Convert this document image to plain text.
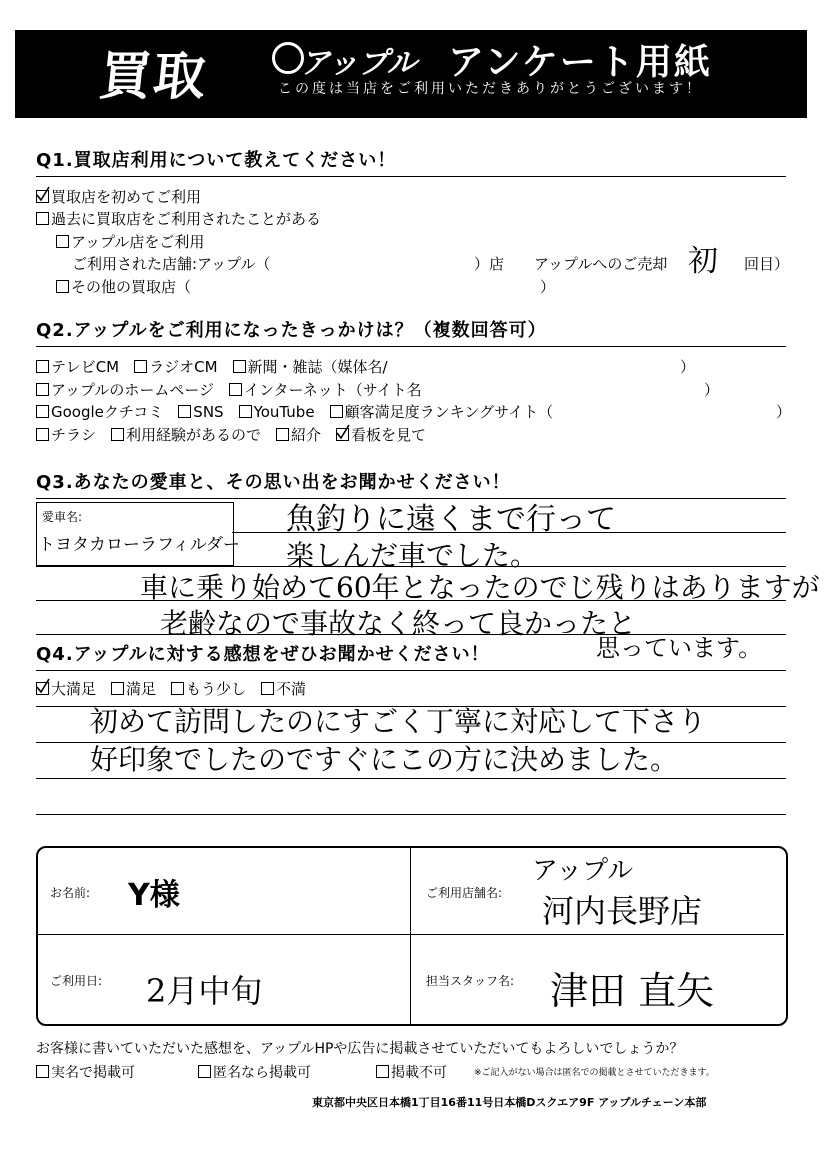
買取	アップル アンケート用紙
この度は当店をご利用いただきありがとうございます！
Q1.買取店利用について教えてください！
買取店を初めてご利用
過去に買取店をご利用されたことがある
アップル店をご利用
ご利用された店舗:アップル（	）店 アップルへのご売却 初 回目）
その他の買取店（	）
Q2.アップルをご利用になったきっかけは？（複数回答可）
テレビCM　ラジオCM　新聞・雑誌（媒体名/	）
アップルのホームページ　インターネット（サイト名	）
Googleクチコミ　SNS　YouTube　顧客満足度ランキングサイト（	）
チラシ　利用経験があるので　紹介　
看板を見て
Q3.あなたの愛車と、その思い出をお聞かせください！
愛車名:
トヨタカローラフィルダー
魚釣りに遠くまで行って
楽しんだ車でした。
車に乗り始めて60年となったのでじ残りはありますが
老齢なので事故なく終って良かったと
Q4.アップルに対する感想をぜひお聞かせください！	思っています。
大満足　満足　もう少し　不満
初めて訪問したのにすごく丁寧に対応して下さり
好印象でしたのですぐにこの方に決めました。
お名前: Y様	ご利用店舗名:
アップル
河内長野店
ご利用日: 2月中旬	担当スタッフ名: 津田 直矢
お客様に書いていただいた感想を、アップルHPや広告に掲載させていただいてもよろしいでしょうか？
実名で掲載可	匿名なら掲載可	掲載不可	※ご記入がない場合は匿名での掲載とさせていただきます。
東京都中央区日本橋1丁目16番11号日本橋Dスクエア9F アップルチェーン本部
